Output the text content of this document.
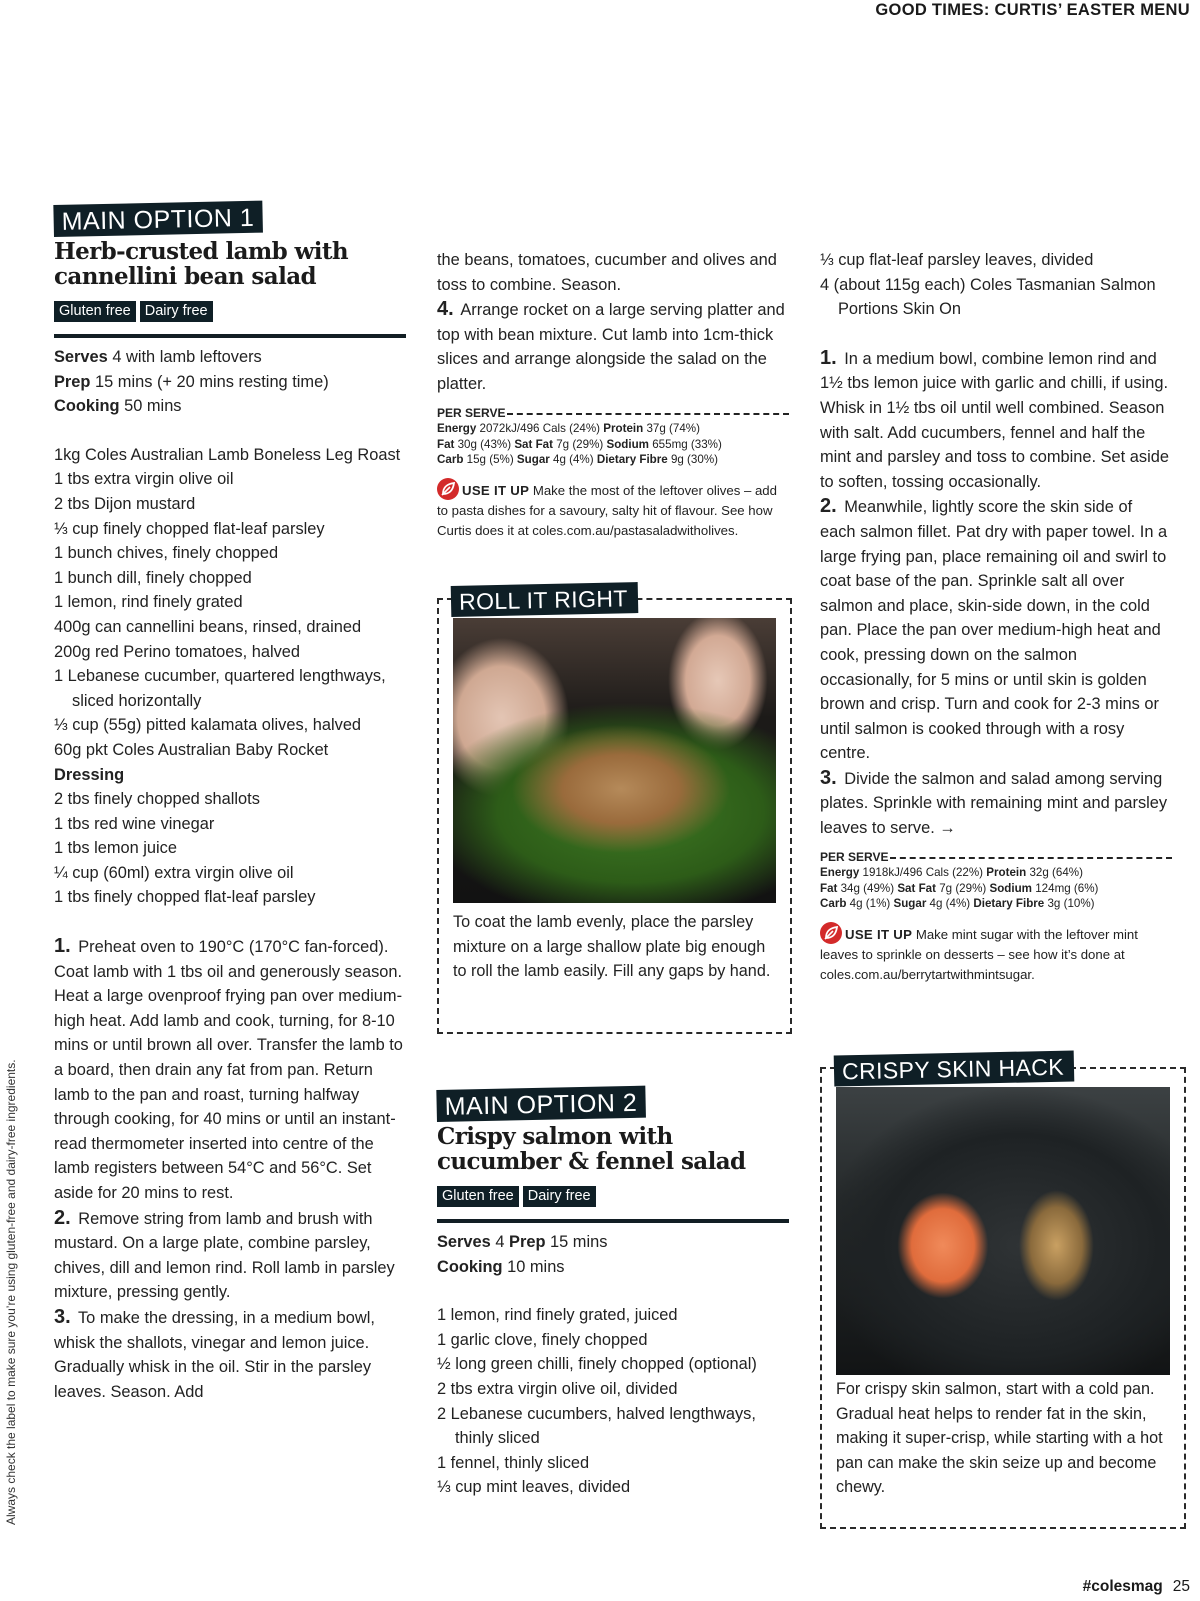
GOOD TIMES: CURTIS’ EASTER MENU
Always check the label to make sure you’re using gluten-free and dairy-free ingredients.
MAIN OPTION 1
Herb-crusted lamb with
cannellini bean salad
Gluten free Dairy free
Serves 4 with lamb leftovers
Prep 15 mins (+ 20 mins resting time)
Cooking 50 mins
1kg Coles Australian Lamb Boneless Leg Roast
1 tbs extra virgin olive oil
2 tbs Dijon mustard
⅓ cup finely chopped flat-leaf parsley
1 bunch chives, finely chopped
1 bunch dill, finely chopped
1 lemon, rind finely grated
400g can cannellini beans, rinsed, drained
200g red Perino tomatoes, halved
1 Lebanese cucumber, quartered lengthways, sliced horizontally
⅓ cup (55g) pitted kalamata olives, halved
60g pkt Coles Australian Baby Rocket
Dressing
2 tbs finely chopped shallots
1 tbs red wine vinegar
1 tbs lemon juice
¼ cup (60ml) extra virgin olive oil
1 tbs finely chopped flat-leaf parsley
1. Preheat oven to 190°C (170°C fan-forced). Coat lamb with 1 tbs oil and generously season. Heat a large ovenproof frying pan over medium-high heat. Add lamb and cook, turning, for 8-10 mins or until brown all over. Transfer the lamb to a board, then drain any fat from pan. Return lamb to the pan and roast, turning halfway through cooking, for 40 mins or until an instant-read thermometer inserted into centre of the lamb registers between 54°C and 56°C. Set aside for 20 mins to rest.
2. Remove string from lamb and brush with mustard. On a large plate, combine parsley, chives, dill and lemon rind. Roll lamb in parsley mixture, pressing gently.
3. To make the dressing, in a medium bowl, whisk the shallots, vinegar and lemon juice. Gradually whisk in the oil. Stir in the parsley leaves. Season. Add
the beans, tomatoes, cucumber and olives and toss to combine. Season.
4. Arrange rocket on a large serving platter and top with bean mixture. Cut lamb into 1cm-thick slices and arrange alongside the salad on the platter.
PER SERVE
Energy 2072kJ/496 Cals (24%) Protein 37g (74%)
Fat 30g (43%) Sat Fat 7g (29%) Sodium 655mg (33%)
Carb 15g (5%) Sugar 4g (4%) Dietary Fibre 9g (30%)
USE IT UP Make the most of the leftover olives – add to pasta dishes for a savoury, salty hit of flavour. See how Curtis does it at coles.com.au/pastasaladwitholives.
ROLL IT RIGHT
To coat the lamb evenly, place the parsley mixture on a large shallow plate big enough to roll the lamb easily. Fill any gaps by hand.
MAIN OPTION 2
Crispy salmon with
cucumber & fennel salad
Gluten free Dairy free
Serves 4 Prep 15 mins
Cooking 10 mins
1 lemon, rind finely grated, juiced
1 garlic clove, finely chopped
½ long green chilli, finely chopped (optional)
2 tbs extra virgin olive oil, divided
2 Lebanese cucumbers, halved lengthways, thinly sliced
1 fennel, thinly sliced
⅓ cup mint leaves, divided
⅓ cup flat-leaf parsley leaves, divided
4 (about 115g each) Coles Tasmanian Salmon Portions Skin On
1. In a medium bowl, combine lemon rind and 1½ tbs lemon juice with garlic and chilli, if using. Whisk in 1½ tbs oil until well combined. Season with salt. Add cucumbers, fennel and half the mint and parsley and toss to combine. Set aside to soften, tossing occasionally.
2. Meanwhile, lightly score the skin side of each salmon fillet. Pat dry with paper towel. In a large frying pan, place remaining oil and swirl to coat base of the pan. Sprinkle salt all over salmon and place, skin-side down, in the cold pan. Place the pan over medium-high heat and cook, pressing down on the salmon occasionally, for 5 mins or until skin is golden brown and crisp. Turn and cook for 2-3 mins or until salmon is cooked through with a rosy centre.
3. Divide the salmon and salad among serving plates. Sprinkle with remaining mint and parsley leaves to serve. →
PER SERVE
Energy 1918kJ/496 Cals (22%) Protein 32g (64%)
Fat 34g (49%) Sat Fat 7g (29%) Sodium 124mg (6%)
Carb 4g (1%) Sugar 4g (4%) Dietary Fibre 3g (10%)
USE IT UP Make mint sugar with the leftover mint leaves to sprinkle on desserts – see how it’s done at coles.com.au/berrytartwithmintsugar.
CRISPY SKIN HACK
For crispy skin salmon, start with a cold pan. Gradual heat helps to render fat in the skin, making it super-crisp, while starting with a hot pan can make the skin seize up and become chewy.
#colesmag 25
